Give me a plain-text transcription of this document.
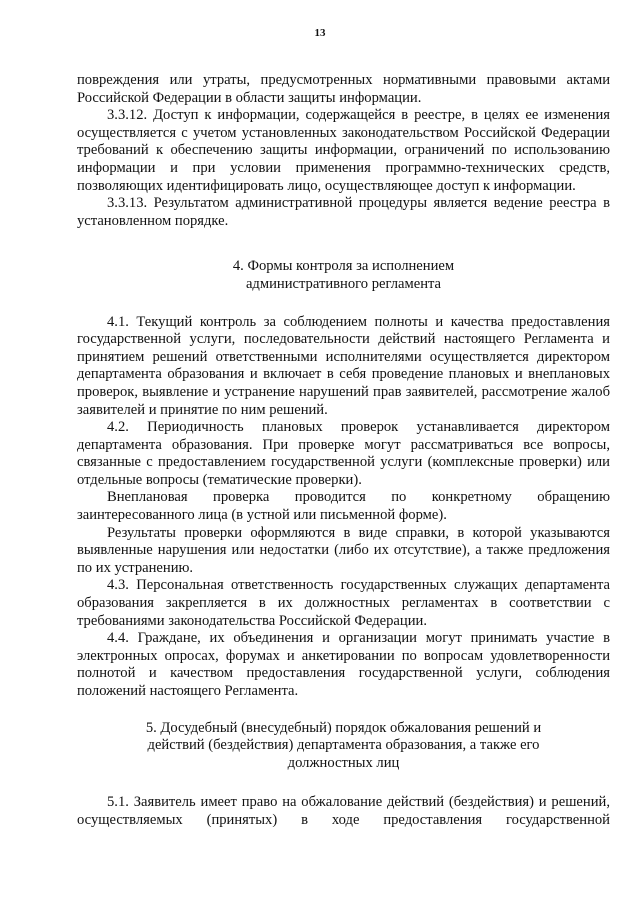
13

повреждения или утраты, предусмотренных нормативными правовыми актами Российской Федерации в области защиты информации.

3.3.12. Доступ к информации, содержащейся в реестре, в целях ее изменения осуществляется с учетом установленных законодательством Российской Федерации требований к обеспечению защиты информации, ограничений по использованию информации и при условии применения программно-технических средств, позволяющих идентифицировать лицо, осуществляющее доступ к информации.

3.3.13. Результатом административной процедуры является ведение реестра в установленном порядке.

4. Формы контроля за исполнением
административного регламента

4.1. Текущий контроль за соблюдением полноты и качества предоставления государственной услуги, последовательности действий настоящего Регламента и принятием решений ответственными исполнителями осуществляется директором департамента образования и включает в себя проведение плановых и внеплановых проверок, выявление и устранение нарушений прав заявителей, рассмотрение жалоб заявителей и принятие по ним решений.

4.2. Периодичность плановых проверок устанавливается директором департамента образования. При проверке могут рассматриваться все вопросы, связанные с предоставлением государственной услуги (комплексные проверки) или отдельные вопросы (тематические проверки).

Внеплановая проверка проводится по конкретному обращению заинтересованного лица (в устной или письменной форме).

Результаты проверки оформляются в виде справки, в которой указываются выявленные нарушения или недостатки (либо их отсутствие), а также предложения по их устранению.

4.3. Персональная ответственность государственных служащих департамента образования закрепляется в их должностных регламентах в соответствии с требованиями законодательства Российской Федерации.

4.4. Граждане, их объединения и организации могут принимать участие в электронных опросах, форумах и анкетировании по вопросам удовлетворенности полнотой и качеством предоставления государственной услуги, соблюдения положений настоящего Регламента.

5. Досудебный (внесудебный) порядок обжалования решений и
действий (бездействия) департамента образования, а также его
должностных лиц

5.1. Заявитель имеет право на обжалование действий (бездействия) и решений, осуществляемых (принятых) в ходе предоставления государственной
